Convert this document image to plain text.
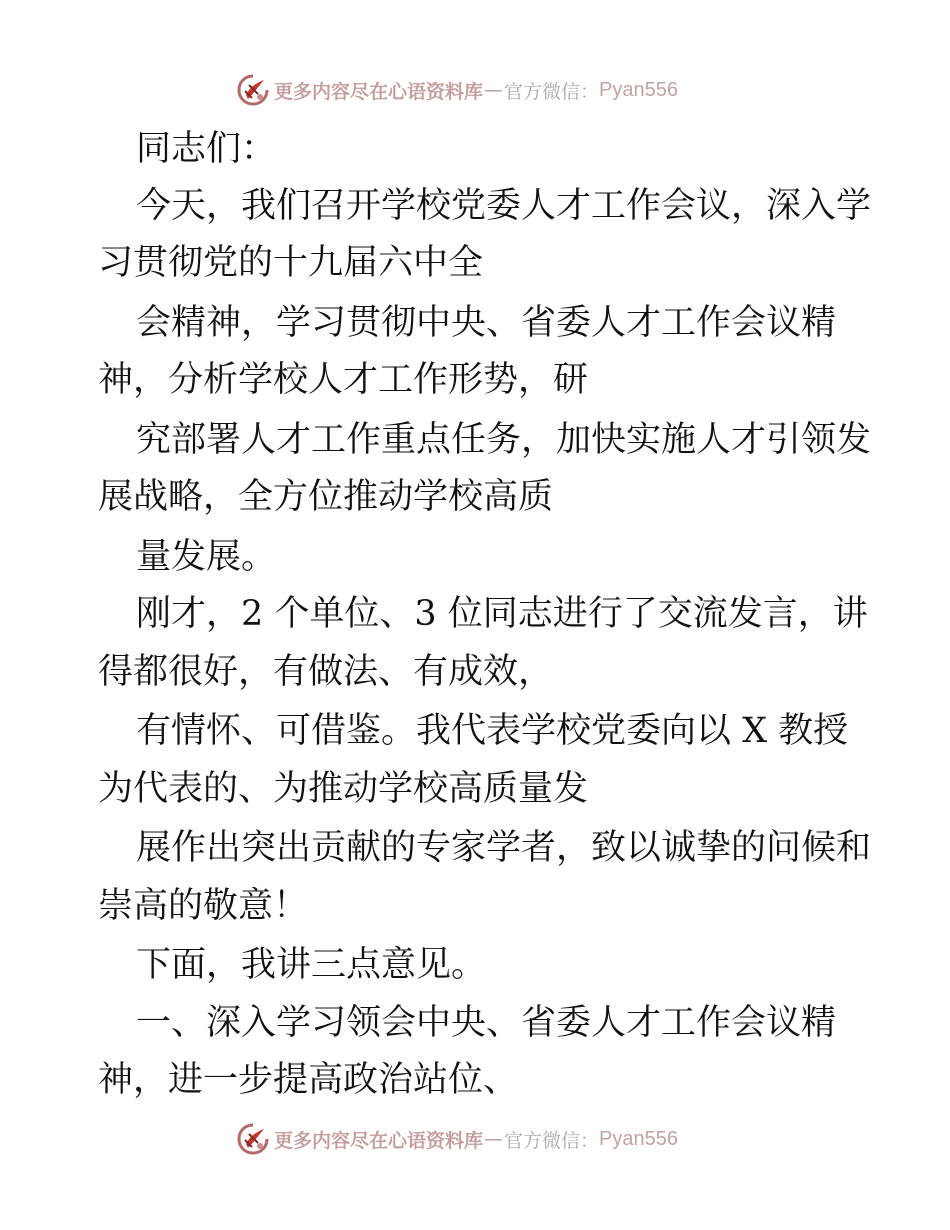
更多内容尽在心语资料库 — 官方微信： Pyan556

同志们：

今天，我们召开学校党委人才工作会议，深入学

习贯彻党的十九届六中全

会精神，学习贯彻中央、省委人才工作会议精

神，分析学校人才工作形势，研

究部署人才工作重点任务，加快实施人才引领发

展战略，全方位推动学校高质

量发展。

刚才，2 个单位、3 位同志进行了交流发言，讲

得都很好，有做法、有成效，

有情怀、可借鉴。我代表学校党委向以 X 教授

为代表的、为推动学校高质量发

展作出突出贡献的专家学者，致以诚挚的问候和

崇高的敬意！

下面，我讲三点意见。

一、深入学习领会中央、省委人才工作会议精

神，进一步提高政治站位、

更多内容尽在心语资料库 — 官方微信： Pyan556
